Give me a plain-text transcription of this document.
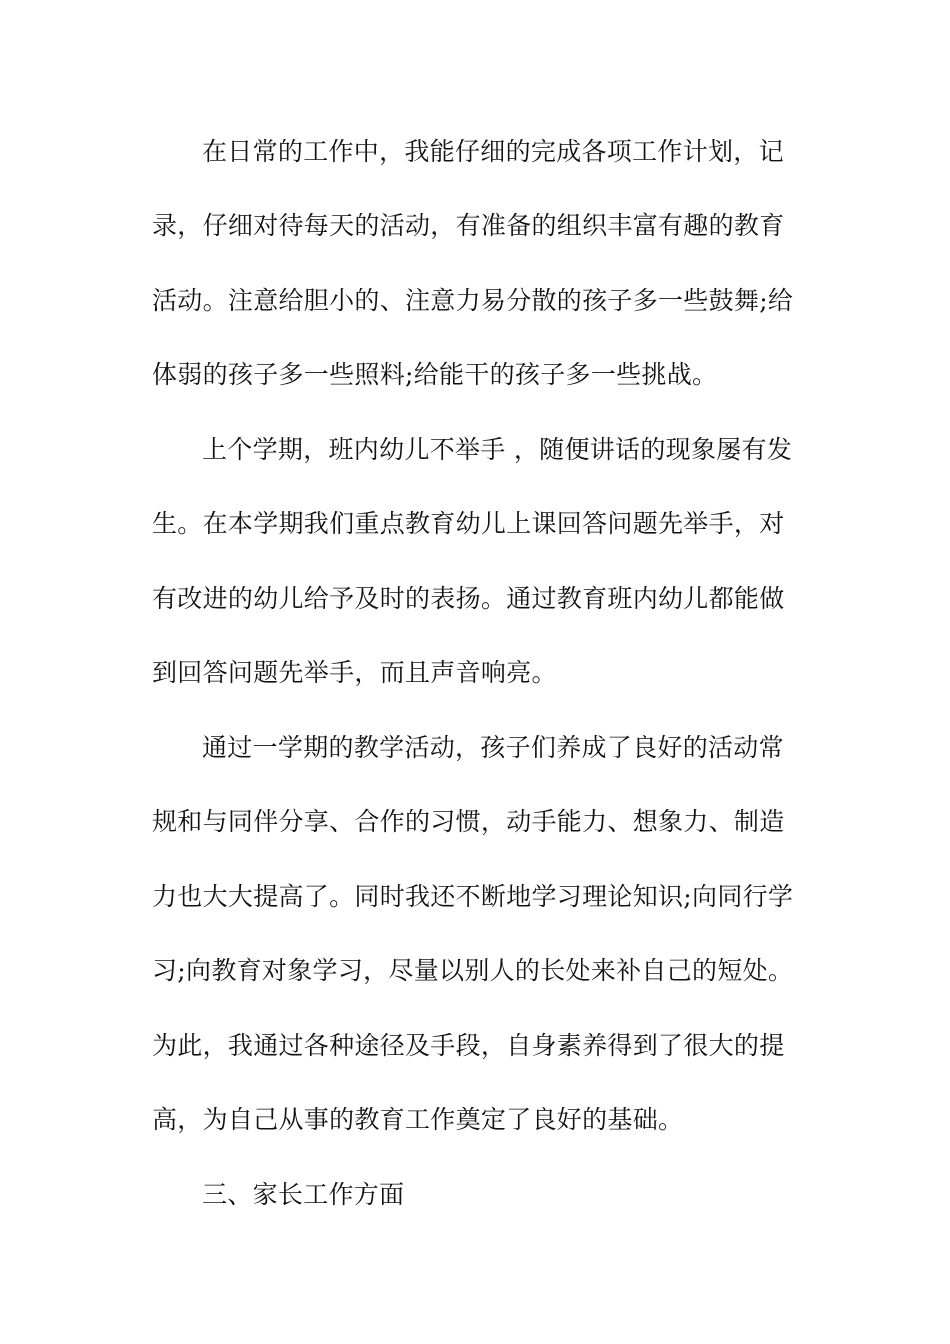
在日常的工作中，我能仔细的完成各项工作计划，记
录，仔细对待每天的活动，有准备的组织丰富有趣的教育
活动。注意给胆小的、注意力易分散的孩子多一些鼓舞;给
体弱的孩子多一些照料;给能干的孩子多一些挑战。
上个学期，班内幼儿不举手 ，随便讲话的现象屡有发
生。在本学期我们重点教育幼儿上课回答问题先举手，对
有改进的幼儿给予及时的表扬。通过教育班内幼儿都能做
到回答问题先举手，而且声音响亮。
通过一学期的教学活动，孩子们养成了良好的活动常
规和与同伴分享、合作的习惯，动手能力、想象力、制造
力也大大提高了。同时我还不断地学习理论知识;向同行学
习;向教育对象学习，尽量以别人的长处来补自己的短处。
为此，我通过各种途径及手段，自身素养得到了很大的提
高，为自己从事的教育工作奠定了良好的基础。
三、家长工作方面
